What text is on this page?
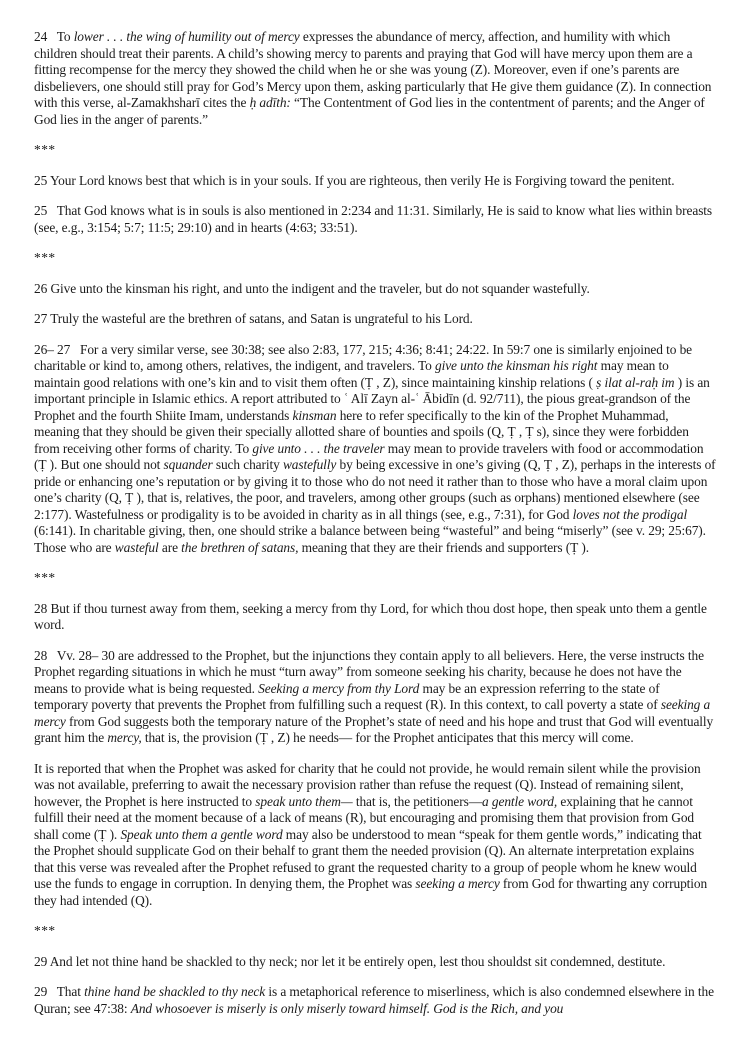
24   To lower . . . the wing of humility out of mercy expresses the abundance of mercy, affection, and humility with which children should treat their parents. A child’s showing mercy to parents and praying that God will have mercy upon them are a fitting recompense for the mercy they showed the child when he or she was young (Z). Moreover, even if one’s parents are disbelievers, one should still pray for God’s Mercy upon them, asking particularly that He give them guidance (Z). In connection with this verse, al-Zamakhsharī cites the ḥ adīth: “The Contentment of God lies in the contentment of parents; and the Anger of God lies in the anger of parents.”

***

25 Your Lord knows best that which is in your souls. If you are righteous, then verily He is Forgiving toward the penitent.

25   That God knows what is in souls is also mentioned in 2:234 and 11:31. Similarly, He is said to know what lies within breasts (see, e.g., 3:154; 5:7; 11:5; 29:10) and in hearts (4:63; 33:51).

***

26 Give unto the kinsman his right, and unto the indigent and the traveler, but do not squander wastefully.

27 Truly the wasteful are the brethren of satans, and Satan is ungrateful to his Lord.

26– 27   For a very similar verse, see 30:38; see also 2:83, 177, 215; 4:36; 8:41; 24:22. In 59:7 one is similarly enjoined to be charitable or kind to, among others, relatives, the indigent, and travelers. To give unto the kinsman his right may mean to maintain good relations with one’s kin and to visit them often (Ṭ , Z), since maintaining kinship relations ( ṣ ilat al-raḥ im ) is an important principle in Islamic ethics. A report attributed to ʿ Alī Zayn al-ʿ Ābidīn (d. 92/711), the pious great-grandson of the Prophet and the fourth Shiite Imam, understands kinsman here to refer specifically to the kin of the Prophet Muhammad, meaning that they should be given their specially allotted share of bounties and spoils (Q, Ṭ , Ṭ s), since they were forbidden from receiving other forms of charity. To give unto . . . the traveler may mean to provide travelers with food or accommodation (Ṭ ). But one should not squander such charity wastefully by being excessive in one’s giving (Q, Ṭ , Z), perhaps in the interests of pride or enhancing one’s reputation or by giving it to those who do not need it rather than to those who have a moral claim upon one’s charity (Q, Ṭ ), that is, relatives, the poor, and travelers, among other groups (such as orphans) mentioned elsewhere (see 2:177). Wastefulness or prodigality is to be avoided in charity as in all things (see, e.g., 7:31), for God loves not the prodigal (6:141). In charitable giving, then, one should strike a balance between being “wasteful” and being “miserly” (see v. 29; 25:67). Those who are wasteful are the brethren of satans, meaning that they are their friends and supporters (Ṭ ).

***

28 But if thou turnest away from them, seeking a mercy from thy Lord, for which thou dost hope, then speak unto them a gentle word.

28   Vv. 28– 30 are addressed to the Prophet, but the injunctions they contain apply to all believers. Here, the verse instructs the Prophet regarding situations in which he must “turn away” from someone seeking his charity, because he does not have the means to provide what is being requested. Seeking a mercy from thy Lord may be an expression referring to the state of temporary poverty that prevents the Prophet from fulfilling such a request (R). In this context, to call poverty a state of seeking a mercy from God suggests both the temporary nature of the Prophet’s state of need and his hope and trust that God will eventually grant him the mercy, that is, the provision (Ṭ , Z) he needs— for the Prophet anticipates that this mercy will come.

It is reported that when the Prophet was asked for charity that he could not provide, he would remain silent while the provision was not available, preferring to await the necessary provision rather than refuse the request (Q). Instead of remaining silent, however, the Prophet is here instructed to speak unto them— that is, the petitioners—a gentle word, explaining that he cannot fulfill their need at the moment because of a lack of means (R), but encouraging and promising them that provision from God shall come (Ṭ ). Speak unto them a gentle word may also be understood to mean “speak for them gentle words,” indicating that the Prophet should supplicate God on their behalf to grant them the needed provision (Q). An alternate interpretation explains that this verse was revealed after the Prophet refused to grant the requested charity to a group of people whom he knew would use the funds to engage in corruption. In denying them, the Prophet was seeking a mercy from God for thwarting any corruption they had intended (Q).

***

29 And let not thine hand be shackled to thy neck; nor let it be entirely open, lest thou shouldst sit condemned, destitute.

29   That thine hand be shackled to thy neck is a metaphorical reference to miserliness, which is also condemned elsewhere in the Quran; see 47:38: And whosoever is miserly is only miserly toward himself. God is the Rich, and you
